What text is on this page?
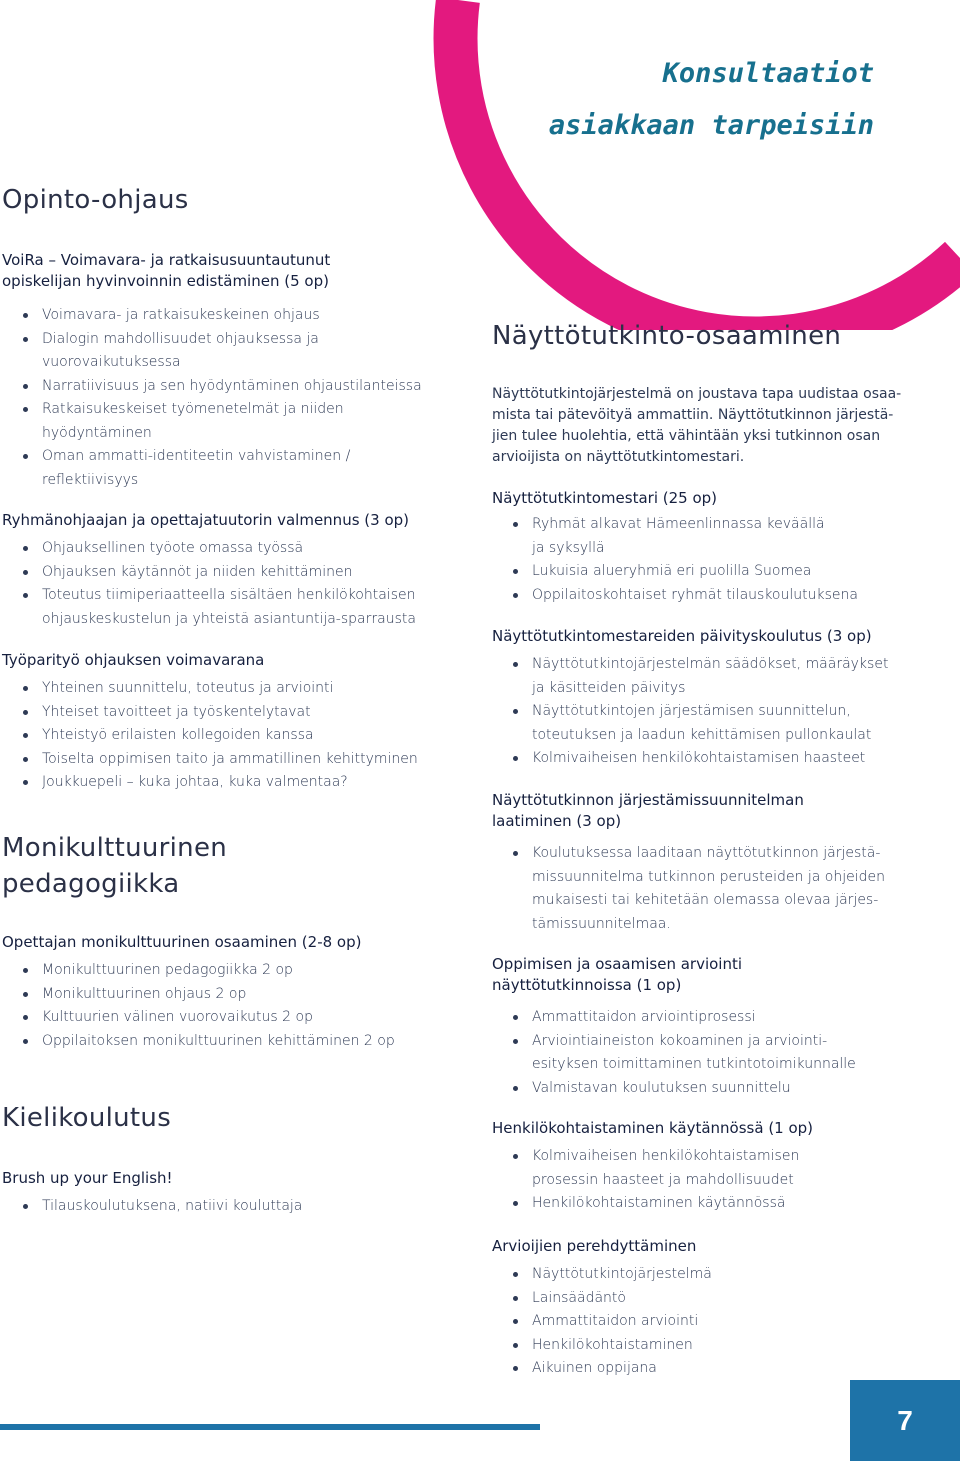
Konsultaatiot
asiakkaan tarpeisiin
Opinto-ohjaus
VoiRa – Voimavara- ja ratkaisusuuntautunut
opiskelijan hyvinvoinnin edistäminen (5 op)
Voimavara- ja ratkaisukeskeinen ohjaus
Dialogin mahdollisuudet ohjauksessa ja
vuorovaikutuksessa
Narratiivisuus ja sen hyödyntäminen ohjaustilanteissa
Ratkaisukeskeiset työmenetelmät ja niiden
hyödyntäminen
Oman ammatti-identiteetin vahvistaminen /
reflektiivisyys
Ryhmänohjaajan ja opettajatuutorin valmennus (3 op)
Ohjauksellinen työote omassa työssä
Ohjauksen käytännöt ja niiden kehittäminen
Toteutus tiimiperiaatteella sisältäen henkilökohtaisen
ohjauskeskustelun ja yhteistä asiantuntija-sparrausta
Työparityö ohjauksen voimavarana
Yhteinen suunnittelu, toteutus ja arviointi
Yhteiset tavoitteet ja työskentelytavat
Yhteistyö erilaisten kollegoiden kanssa
Toiselta oppimisen taito ja ammatillinen kehittyminen
Joukkuepeli – kuka johtaa, kuka valmentaa?
Monikulttuurinen
pedagogiikka
Opettajan monikulttuurinen osaaminen (2-8 op)
Monikulttuurinen pedagogiikka 2 op
Monikulttuurinen ohjaus 2 op
Kulttuurien välinen vuorovaikutus 2 op
Oppilaitoksen monikulttuurinen kehittäminen 2 op
Kielikoulutus
Brush up your English!
Tilauskoulutuksena, natiivi kouluttaja
Näyttötutkinto-osaaminen

Näyttötutkintojärjestelmä on joustava tapa uudistaa osaa-

mista tai pätevöityä ammattiin. Näyttötutkinnon järjestä-

jien tulee huolehtia, että vähintään yksi tutkinnon osan

arvioijista on näyttötutkintomestari.

Näyttötutkintomestari (25 op)
Ryhmät alkavat Hämeenlinnassa keväällä
ja syksyllä
Lukuisia alueryhmiä eri puolilla Suomea
Oppilaitoskohtaiset ryhmät tilauskoulutuksena
Näyttötutkintomestareiden päivityskoulutus (3 op)
Näyttötutkintojärjestelmän säädökset, määräykset
ja käsitteiden päivitys
Näyttötutkintojen järjestämisen suunnittelun,
toteutuksen ja laadun kehittämisen pullonkaulat
Kolmivaiheisen henkilökohtaistamisen haasteet
Näyttötutkinnon järjestämissuunnitelman
laatiminen (3 op)
Koulutuksessa laaditaan näyttötutkinnon järjestä-
missuunnitelma tutkinnon perusteiden ja ohjeiden
mukaisesti tai kehitetään olemassa olevaa järjes-
tämissuunnitelmaa.
Oppimisen ja osaamisen arviointi
näyttötutkinnoissa (1 op)
Ammattitaidon arviointiprosessi
Arviointiaineiston kokoaminen ja arviointi-
esityksen toimittaminen tutkintotoimikunnalle
Valmistavan koulutuksen suunnittelu
Henkilökohtaistaminen käytännössä (1 op)
Kolmivaiheisen henkilökohtaistamisen
prosessin haasteet ja mahdollisuudet
Henkilökohtaistaminen käytännössä
Arvioijien perehdyttäminen
Näyttötutkintojärjestelmä
Lainsäädäntö
Ammattitaidon arviointi
Henkilökohtaistaminen
Aikuinen oppijana
7
